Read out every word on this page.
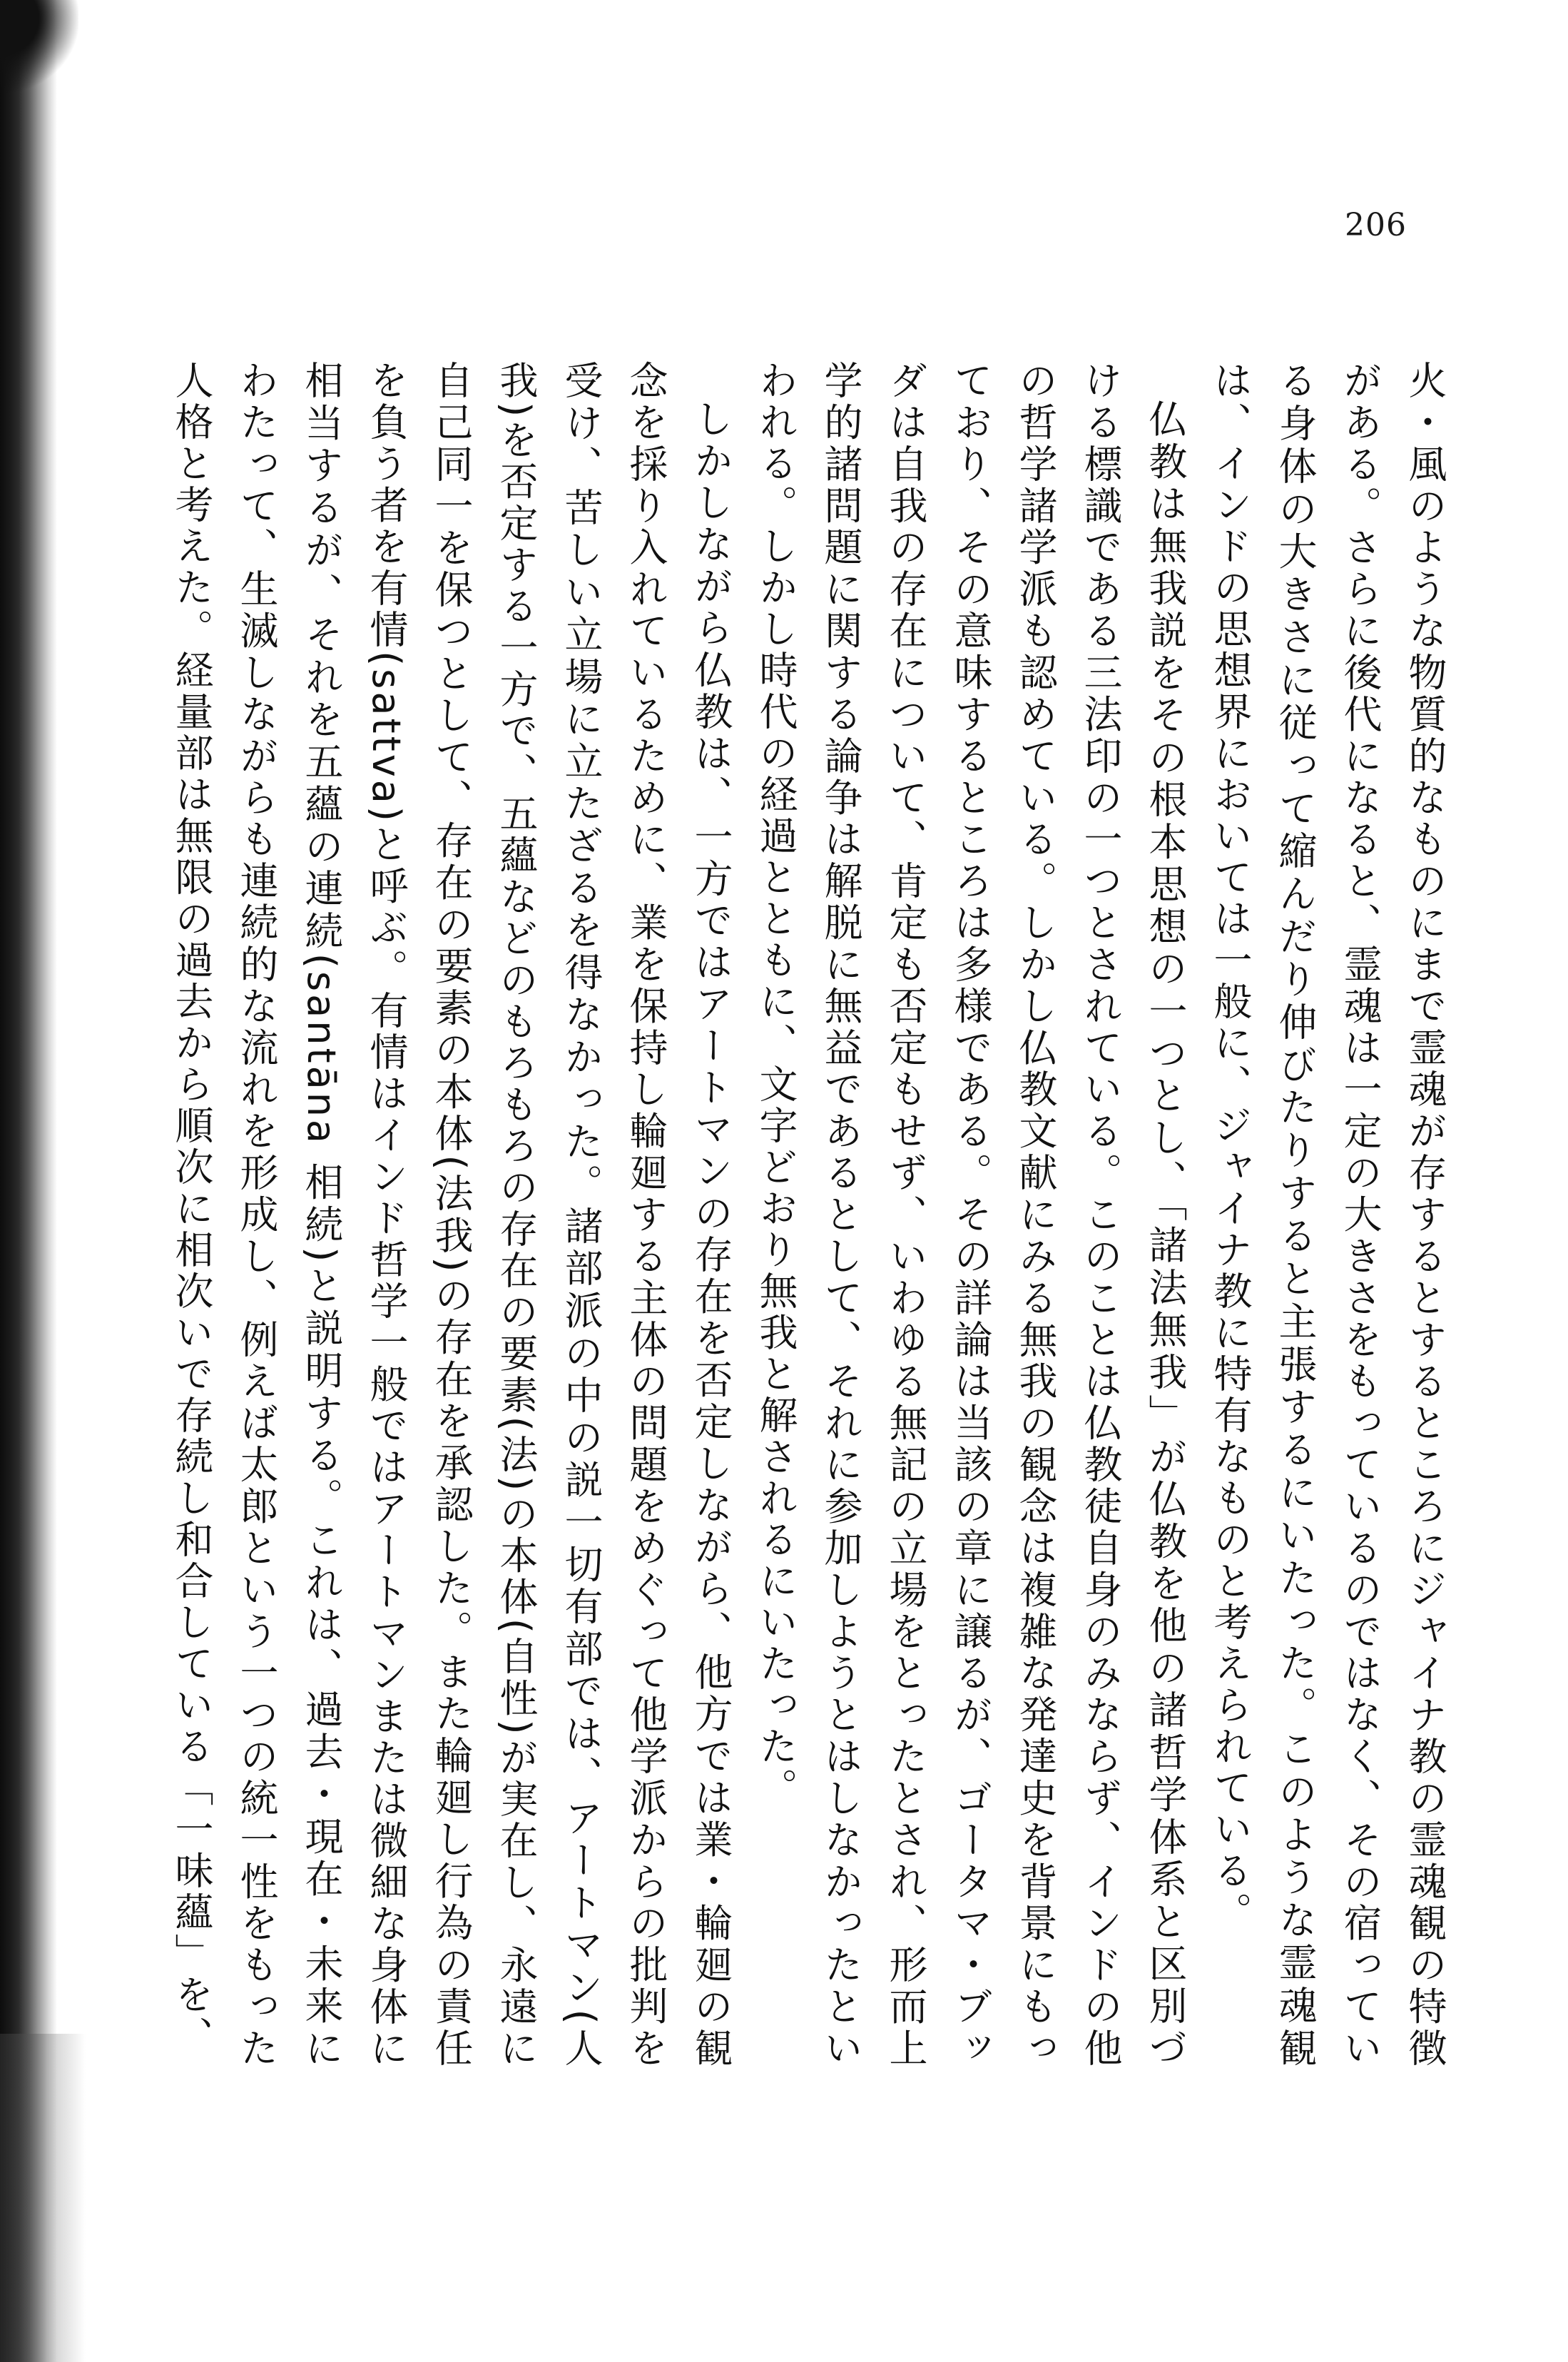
206

火・風のような物質的なものにまで霊魂が存するとするところにジャイナ教の霊魂観の特徴がある。さらに後代になると、霊魂は一定の大きさをもっているのではなく、その宿っている身体の大きさに従って縮んだり伸びたりすると主張するにいたった。このような霊魂観は、インドの思想界においては一般に、ジャイナ教に特有なものと考えられている。

仏教は無我説をその根本思想の一つとし、「諸法無我」が仏教を他の諸哲学体系と区別づける標識である三法印の一つとされている。このことは仏教徒自身のみならず、インドの他の哲学諸学派も認めている。しかし仏教文献にみる無我の観念は複雑な発達史を背景にもっており、その意味するところは多様である。その詳論は当該の章に譲るが、ゴータマ・ブッダは自我の存在について、肯定も否定もせず、いわゆる無記の立場をとったとされ、形而上学的諸問題に関する論争は解脱に無益であるとして、それに参加しようとはしなかったといわれる。しかし時代の経過とともに、文字どおり無我と解されるにいたった。

しかしながら仏教は、一方ではアートマンの存在を否定しながら、他方では業・輪廻の観念を採り入れているために、業を保持し輪廻する主体の問題をめぐって他学派からの批判を受け、苦しい立場に立たざるを得なかった。諸部派の中の説一切有部では、アートマン(人我)を否定する一方で、五蘊などのもろもろの存在の要素(法)の本体(自性)が実在し、永遠に自己同一を保つとして、存在の要素の本体(法我)の存在を承認した。また輪廻し行為の責任を負う者を有情(sattva)と呼ぶ。有情はインド哲学一般ではアートマンまたは微細な身体に相当するが、それを五蘊の連続(santāna 相続)と説明する。これは、過去・現在・未来にわたって、生滅しながらも連続的な流れを形成し、例えば太郎という一つの統一性をもった人格と考えた。経量部は無限の過去から順次に相次いで存続し和合している「一味蘊」を、
